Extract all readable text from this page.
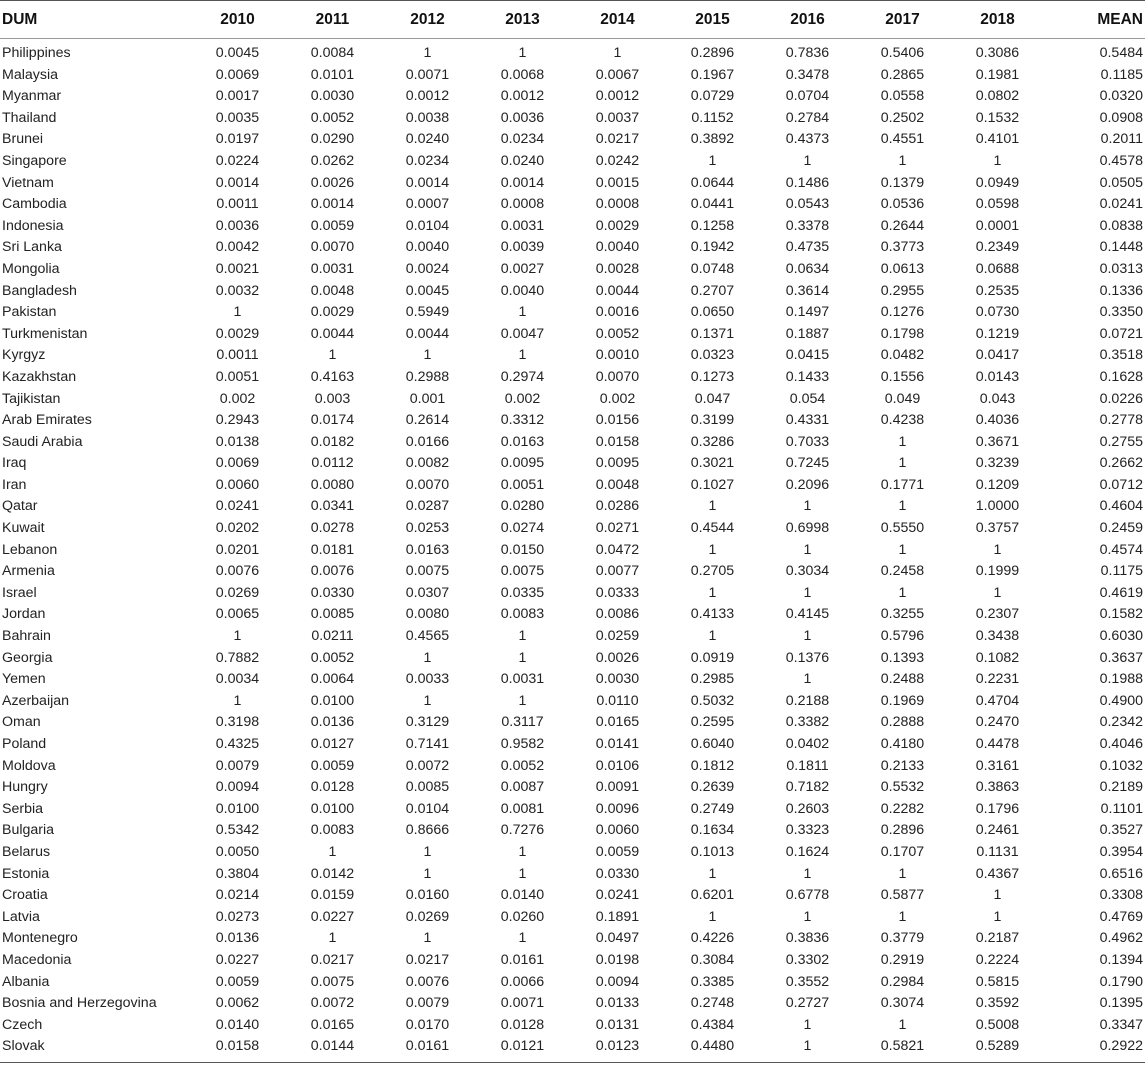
DUM	2010	2011	2012	2013	2014	2015	2016	2017	2018	MEAN
Philippines	0.0045	0.0084	1	1	1	0.2896	0.7836	0.5406	0.3086	0.5484
Malaysia	0.0069	0.0101	0.0071	0.0068	0.0067	0.1967	0.3478	0.2865	0.1981	0.1185
Myanmar	0.0017	0.0030	0.0012	0.0012	0.0012	0.0729	0.0704	0.0558	0.0802	0.0320
Thailand	0.0035	0.0052	0.0038	0.0036	0.0037	0.1152	0.2784	0.2502	0.1532	0.0908
Brunei	0.0197	0.0290	0.0240	0.0234	0.0217	0.3892	0.4373	0.4551	0.4101	0.2011
Singapore	0.0224	0.0262	0.0234	0.0240	0.0242	1	1	1	1	0.4578
Vietnam	0.0014	0.0026	0.0014	0.0014	0.0015	0.0644	0.1486	0.1379	0.0949	0.0505
Cambodia	0.0011	0.0014	0.0007	0.0008	0.0008	0.0441	0.0543	0.0536	0.0598	0.0241
Indonesia	0.0036	0.0059	0.0104	0.0031	0.0029	0.1258	0.3378	0.2644	0.0001	0.0838
Sri Lanka	0.0042	0.0070	0.0040	0.0039	0.0040	0.1942	0.4735	0.3773	0.2349	0.1448
Mongolia	0.0021	0.0031	0.0024	0.0027	0.0028	0.0748	0.0634	0.0613	0.0688	0.0313
Bangladesh	0.0032	0.0048	0.0045	0.0040	0.0044	0.2707	0.3614	0.2955	0.2535	0.1336
Pakistan	1	0.0029	0.5949	1	0.0016	0.0650	0.1497	0.1276	0.0730	0.3350
Turkmenistan	0.0029	0.0044	0.0044	0.0047	0.0052	0.1371	0.1887	0.1798	0.1219	0.0721
Kyrgyz	0.0011	1	1	1	0.0010	0.0323	0.0415	0.0482	0.0417	0.3518
Kazakhstan	0.0051	0.4163	0.2988	0.2974	0.0070	0.1273	0.1433	0.1556	0.0143	0.1628
Tajikistan	0.002	0.003	0.001	0.002	0.002	0.047	0.054	0.049	0.043	0.0226
Arab Emirates	0.2943	0.0174	0.2614	0.3312	0.0156	0.3199	0.4331	0.4238	0.4036	0.2778
Saudi Arabia	0.0138	0.0182	0.0166	0.0163	0.0158	0.3286	0.7033	1	0.3671	0.2755
Iraq	0.0069	0.0112	0.0082	0.0095	0.0095	0.3021	0.7245	1	0.3239	0.2662
Iran	0.0060	0.0080	0.0070	0.0051	0.0048	0.1027	0.2096	0.1771	0.1209	0.0712
Qatar	0.0241	0.0341	0.0287	0.0280	0.0286	1	1	1	1.0000	0.4604
Kuwait	0.0202	0.0278	0.0253	0.0274	0.0271	0.4544	0.6998	0.5550	0.3757	0.2459
Lebanon	0.0201	0.0181	0.0163	0.0150	0.0472	1	1	1	1	0.4574
Armenia	0.0076	0.0076	0.0075	0.0075	0.0077	0.2705	0.3034	0.2458	0.1999	0.1175
Israel	0.0269	0.0330	0.0307	0.0335	0.0333	1	1	1	1	0.4619
Jordan	0.0065	0.0085	0.0080	0.0083	0.0086	0.4133	0.4145	0.3255	0.2307	0.1582
Bahrain	1	0.0211	0.4565	1	0.0259	1	1	0.5796	0.3438	0.6030
Georgia	0.7882	0.0052	1	1	0.0026	0.0919	0.1376	0.1393	0.1082	0.3637
Yemen	0.0034	0.0064	0.0033	0.0031	0.0030	0.2985	1	0.2488	0.2231	0.1988
Azerbaijan	1	0.0100	1	1	0.0110	0.5032	0.2188	0.1969	0.4704	0.4900
Oman	0.3198	0.0136	0.3129	0.3117	0.0165	0.2595	0.3382	0.2888	0.2470	0.2342
Poland	0.4325	0.0127	0.7141	0.9582	0.0141	0.6040	0.0402	0.4180	0.4478	0.4046
Moldova	0.0079	0.0059	0.0072	0.0052	0.0106	0.1812	0.1811	0.2133	0.3161	0.1032
Hungry	0.0094	0.0128	0.0085	0.0087	0.0091	0.2639	0.7182	0.5532	0.3863	0.2189
Serbia	0.0100	0.0100	0.0104	0.0081	0.0096	0.2749	0.2603	0.2282	0.1796	0.1101
Bulgaria	0.5342	0.0083	0.8666	0.7276	0.0060	0.1634	0.3323	0.2896	0.2461	0.3527
Belarus	0.0050	1	1	1	0.0059	0.1013	0.1624	0.1707	0.1131	0.3954
Estonia	0.3804	0.0142	1	1	0.0330	1	1	1	0.4367	0.6516
Croatia	0.0214	0.0159	0.0160	0.0140	0.0241	0.6201	0.6778	0.5877	1	0.3308
Latvia	0.0273	0.0227	0.0269	0.0260	0.1891	1	1	1	1	0.4769
Montenegro	0.0136	1	1	1	0.0497	0.4226	0.3836	0.3779	0.2187	0.4962
Macedonia	0.0227	0.0217	0.0217	0.0161	0.0198	0.3084	0.3302	0.2919	0.2224	0.1394
Albania	0.0059	0.0075	0.0076	0.0066	0.0094	0.3385	0.3552	0.2984	0.5815	0.1790
Bosnia and Herzegovina	0.0062	0.0072	0.0079	0.0071	0.0133	0.2748	0.2727	0.3074	0.3592	0.1395
Czech	0.0140	0.0165	0.0170	0.0128	0.0131	0.4384	1	1	0.5008	0.3347
Slovak	0.0158	0.0144	0.0161	0.0121	0.0123	0.4480	1	0.5821	0.5289	0.2922
